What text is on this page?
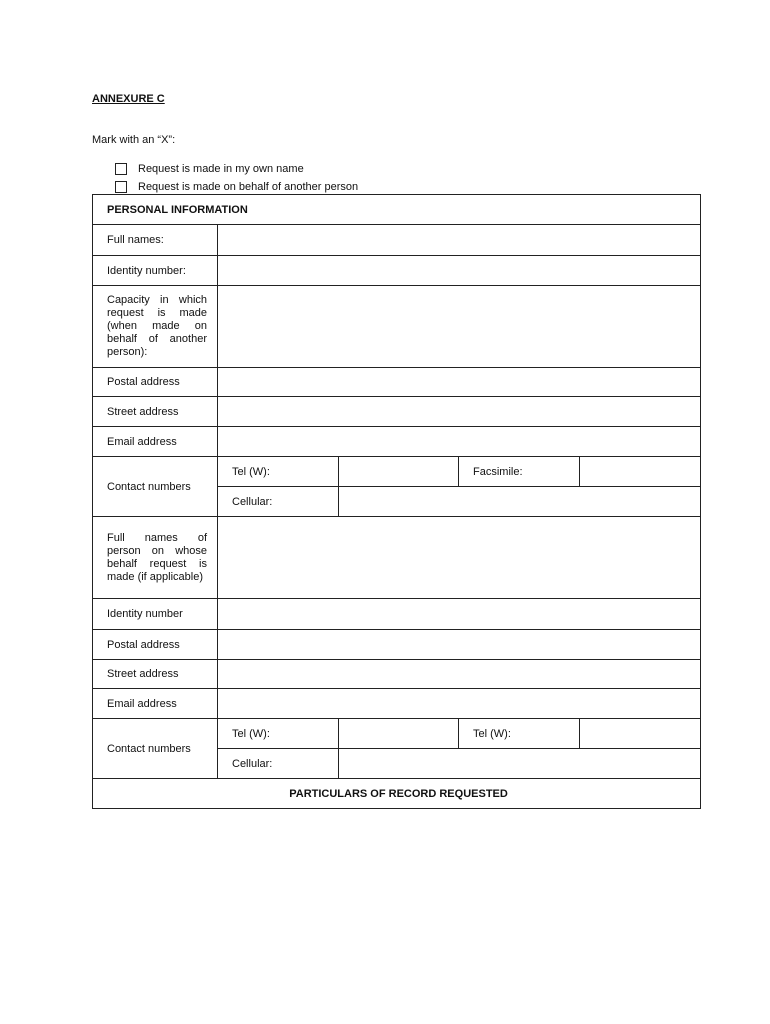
ANNEXURE C
Mark with an “X”:
Request is made in my own name
Request is made on behalf of another person
PERSONAL INFORMATION				
Full names:				
Identity number:				
Capacity in which request is made (when made on behalf of another person):				
Postal address				
Street address				
Email address				
Contact numbers	Tel (W):		Facsimile:	
	Cellular:			
Full names of person on whose behalf request is made (if applicable)				
Identity number				
Postal address				
Street address				
Email address				
Contact numbers	Tel (W):		Tel (W):	
	Cellular:			
PARTICULARS OF RECORD REQUESTED				
